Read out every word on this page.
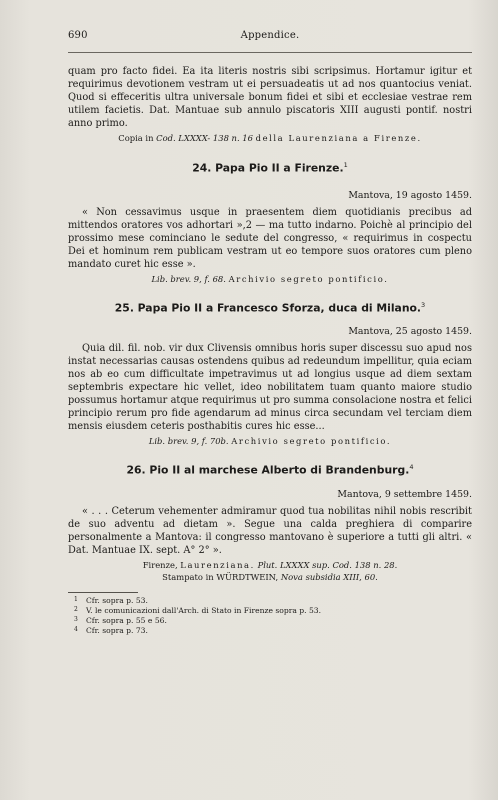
690	Appendice.

quam pro facto fidei. Ea ita literis nostris sibi scripsimus. Hortamur igitur et requirimus devotionem vestram ut ei persuadeatis ut ad nos quantocius veniat. Quod si effeceritis ultra universale bonum fidei et sibi et ecclesiae vestrae rem utilem facietis. Dat. Mantuae sub annulo piscatoris XIII augusti pontif. nostri anno primo.

Copia in Cod. LXXXX- 138 n. 16 della Laurenziana a Firenze.

24. Papa Pio II a Firenze.$^1$

Mantova, 19 agosto 1459.

« Non cessavimus usque in praesentem diem quotidianis precibus ad mittendos oratores vos adhortari »,2 — ma tutto indarno. Poichè al principio del prossimo mese cominciano le sedute del congresso, « requirimus in cospectu Dei et hominum rem publicam vestram ut eo tempore suos oratores cum pleno mandato curet hic esse ».

Lib. brev. 9, f. 68. Archivio segreto pontificio.

25. Papa Pio II a Francesco Sforza, duca di Milano.$^3$

Mantova, 25 agosto 1459.

Quia dil. fil. nob. vir dux Clivensis omnibus horis super discessu suo apud nos instat necessarias causas ostendens quibus ad redeundum impellitur, quia eciam nos ab eo cum difficultate impetravimus ut ad longius usque ad diem sextam septembris expectare hic vellet, ideo nobilitatem tuam quanto maiore studio possumus hortamur atque requirimus ut pro summa consolacione nostra et felici principio rerum pro fide agendarum ad minus circa secundam vel terciam diem mensis eiusdem ceteris posthabitis cures hic esse...

Lib. brev. 9, f. 70b. Archivio segreto pontificio.

26. Pio II al marchese Alberto di Brandenburg.$^4$

Mantova, 9 settembre 1459.

« . . . Ceterum vehementer admiramur quod tua nobilitas nihil nobis rescribit de suo adventu ad dietam ». Segue una calda preghiera di comparire personalmente a Mantova: il congresso mantovano è superiore a tutti gli altri. « Dat. Mantuae IX. sept. A° 2° ».

Firenze, Laurenziana. Plut. LXXXX sup. Cod. 138 n. 28.

Stampato in WÜRDTWEIN, Nova subsidia XIII, 60.

1 Cfr. sopra p. 53.

2 V. le comunicazioni dall'Arch. di Stato in Firenze sopra p. 53.

3 Cfr. sopra p. 55 e 56.

4 Cfr. sopra p. 73.
